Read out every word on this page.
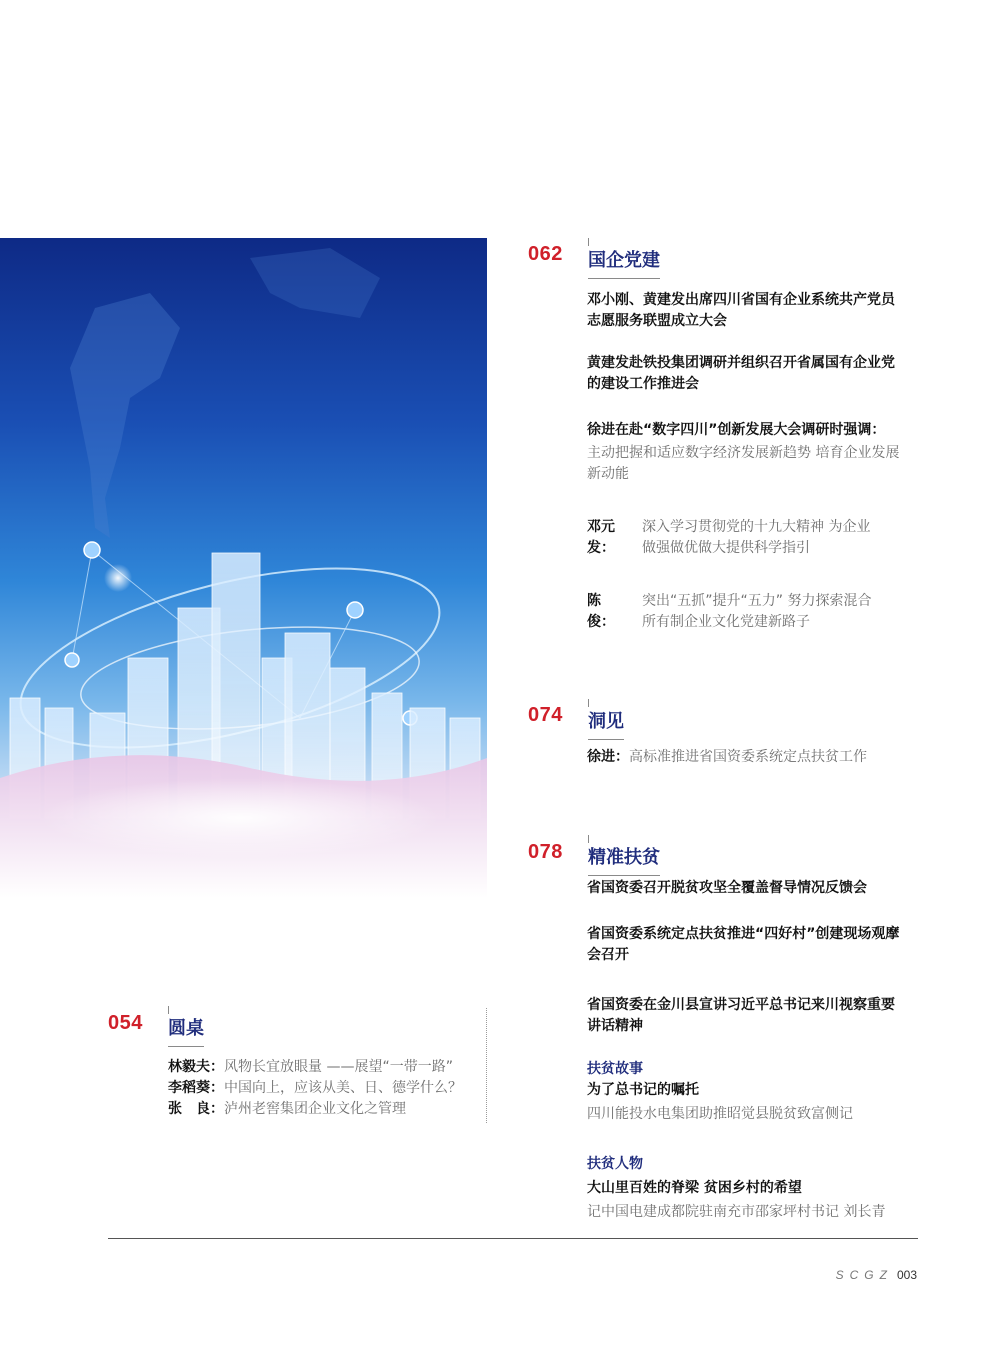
062 国企党建
邓小刚、黄建发出席四川省国有企业系统共产党员志愿服务联盟成立大会
黄建发赴铁投集团调研并组织召开省属国有企业党的建设工作推进会
徐进在赴“数字四川”创新发展大会调研时强调：
主动把握和适应数字经济发展新趋势 培育企业发展新动能
邓元发：深入学习贯彻党的十九大精神 为企业做强做优做大提供科学指引
陈　俊：突出“五抓”提升“五力” 努力探索混合所有制企业文化党建新路子
074 洞见
徐进：高标准推进省国资委系统定点扶贫工作
078 精准扶贫
省国资委召开脱贫攻坚全覆盖督导情况反馈会
省国资委系统定点扶贫推进“四好村”创建现场观摩会召开
省国资委在金川县宣讲习近平总书记来川视察重要讲话精神
扶贫故事
为了总书记的嘱托
四川能投水电集团助推昭觉县脱贫致富侧记
扶贫人物
大山里百姓的脊梁 贫困乡村的希望
记中国电建成都院驻南充市邵家坪村书记 刘长青
054 圆桌
林毅夫：风物长宜放眼量 ——展望“一带一路”
李稻葵：中国向上，应该从美、日、德学什么？
张　良：泸州老窖集团企业文化之管理
SCGZ 003
